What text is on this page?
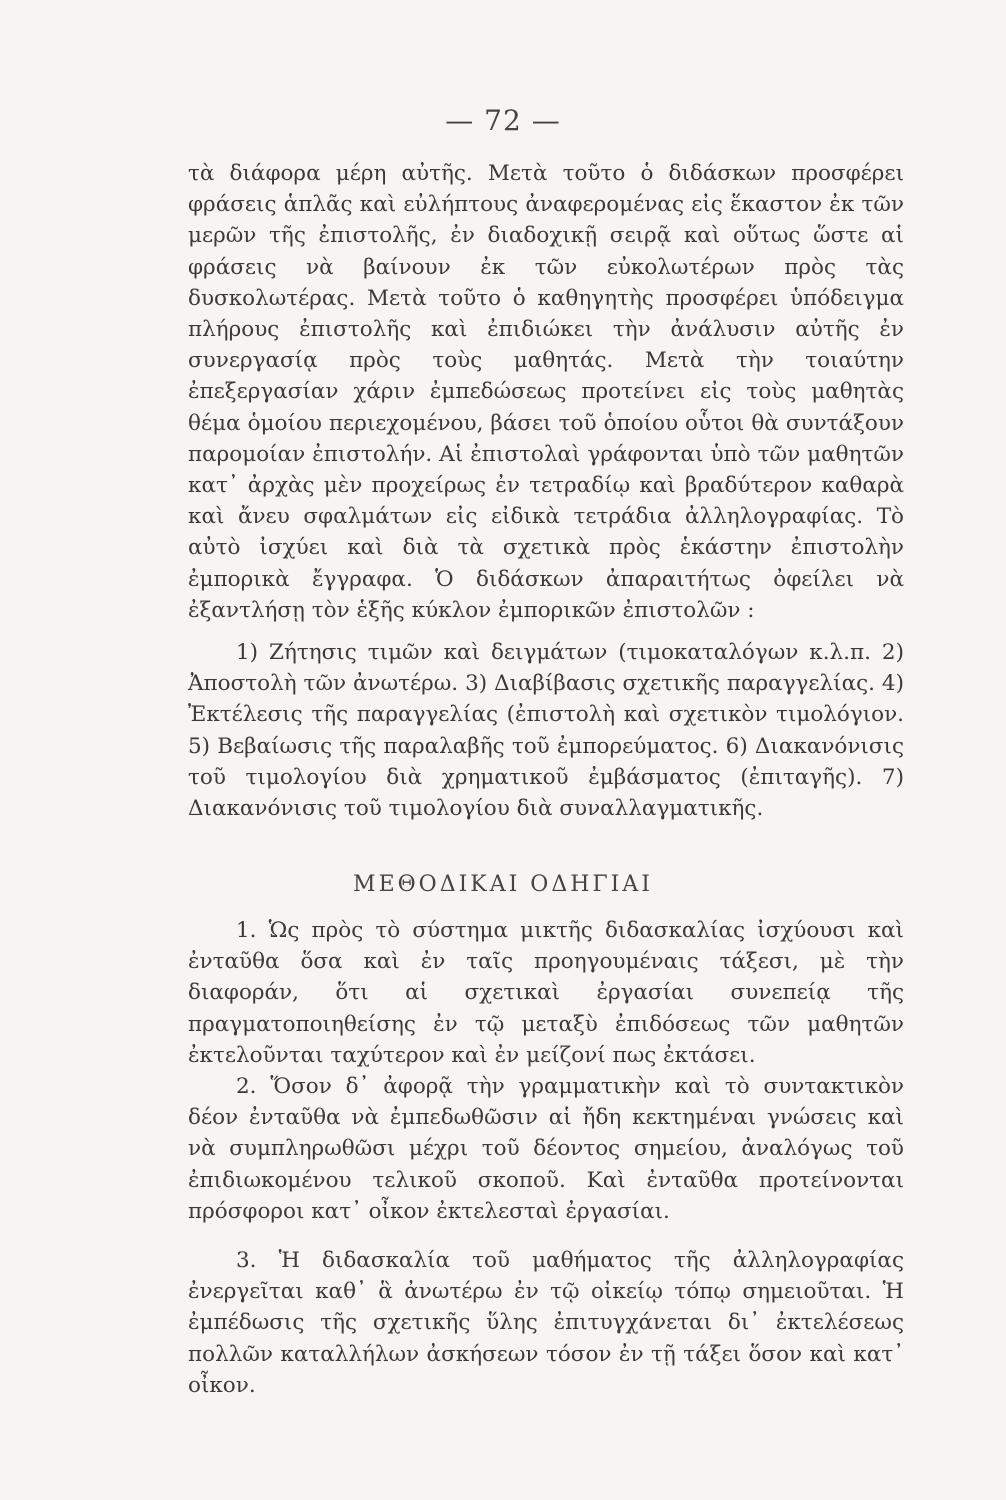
— 72 —

τὰ διάφορα μέρη αὐτῆς. Μετὰ τοῦτο ὁ διδάσκων προσφέρει φράσεις ἁπλᾶς καὶ εὐλήπτους ἀναφερομένας εἰς ἕκαστον ἐκ τῶν μερῶν τῆς ἐπιστολῆς, ἐν διαδοχικῇ σειρᾷ καὶ οὕτως ὥστε αἱ φράσεις νὰ βαίνουν ἐκ τῶν εὐκολωτέρων πρὸς τὰς δυσκολωτέρας. Μετὰ τοῦτο ὁ καθηγητὴς προσφέρει ὑπόδειγμα πλήρους ἐπιστολῆς καὶ ἐπιδιώκει τὴν ἀνάλυσιν αὐτῆς ἐν συνεργασίᾳ πρὸς τοὺς μαθητάς. Μετὰ τὴν τοιαύτην ἐπεξεργασίαν χάριν ἐμπεδώσεως προτείνει εἰς τοὺς μαθητὰς θέμα ὁμοίου περιεχομένου, βάσει τοῦ ὁποίου οὗτοι θὰ συντάξουν παρομοίαν ἐπιστολήν. Αἱ ἐπιστολαὶ γράφονται ὑπὸ τῶν μαθητῶν κατ᾿ ἀρχὰς μὲν προχείρως ἐν τετραδίῳ καὶ βραδύτερον καθαρὰ καὶ ἄνευ σφαλμάτων εἰς εἰδικὰ τετράδια ἀλληλογραφίας. Τὸ αὐτὸ ἰσχύει καὶ διὰ τὰ σχετικὰ πρὸς ἑκάστην ἐπιστολὴν ἐμπορικὰ ἔγγραφα. Ὁ διδάσκων ἀπαραιτήτως ὀφείλει νὰ ἐξαντλήσῃ τὸν ἑξῆς κύκλον ἐμπορικῶν ἐπιστολῶν :

1) Ζήτησις τιμῶν καὶ δειγμάτων (τιμοκαταλόγων κ.λ.π. 2) Ἀποστολὴ τῶν ἀνωτέρω. 3) Διαβίβασις σχετικῆς παραγγελίας. 4) Ἐκτέλεσις τῆς παραγγελίας (ἐπιστολὴ καὶ σχετικὸν τιμολόγιον. 5) Βεβαίωσις τῆς παραλαβῆς τοῦ ἐμπορεύματος. 6) Διακανόνισις τοῦ τιμολογίου διὰ χρηματικοῦ ἐμβάσματος (ἐπιταγῆς). 7) Διακανόνισις τοῦ τιμολογίου διὰ συναλλαγματικῆς.

ΜΕΘΟΔΙΚΑΙ ΟΔΗΓΙΑΙ

1. Ὡς πρὸς τὸ σύστημα μικτῆς διδασκαλίας ἰσχύουσι καὶ ἐνταῦθα ὅσα καὶ ἐν ταῖς προηγουμέναις τάξεσι, μὲ τὴν διαφοράν, ὅτι αἱ σχετικαὶ ἐργασίαι συνεπείᾳ τῆς πραγματοποιηθείσης ἐν τῷ μεταξὺ ἐπιδόσεως τῶν μαθητῶν ἐκτελοῦνται ταχύτερον καὶ ἐν μείζονί πως ἐκτάσει.

2. Ὅσον δ᾿ ἀφορᾷ τὴν γραμματικὴν καὶ τὸ συντακτικὸν δέον ἐνταῦθα νὰ ἐμπεδωθῶσιν αἱ ἤδη κεκτημέναι γνώσεις καὶ νὰ συμπληρωθῶσι μέχρι τοῦ δέοντος σημείου, ἀναλόγως τοῦ ἐπιδιωκομένου τελικοῦ σκοποῦ. Καὶ ἐνταῦθα προτείνονται πρόσφοροι κατ᾿ οἶκον ἐκτελεσταὶ ἐργασίαι.

3. Ἡ διδασκαλία τοῦ μαθήματος τῆς ἀλληλογραφίας ἐνεργεῖται καθ᾿ ἃ ἀνωτέρω ἐν τῷ οἰκείῳ τόπῳ σημειοῦται. Ἡ ἐμπέδωσις τῆς σχετικῆς ὕλης ἐπιτυγχάνεται δι᾿ ἐκτελέσεως πολλῶν καταλλήλων ἀσκήσεων τόσον ἐν τῇ τάξει ὅσον καὶ κατ᾿ οἶκον.
